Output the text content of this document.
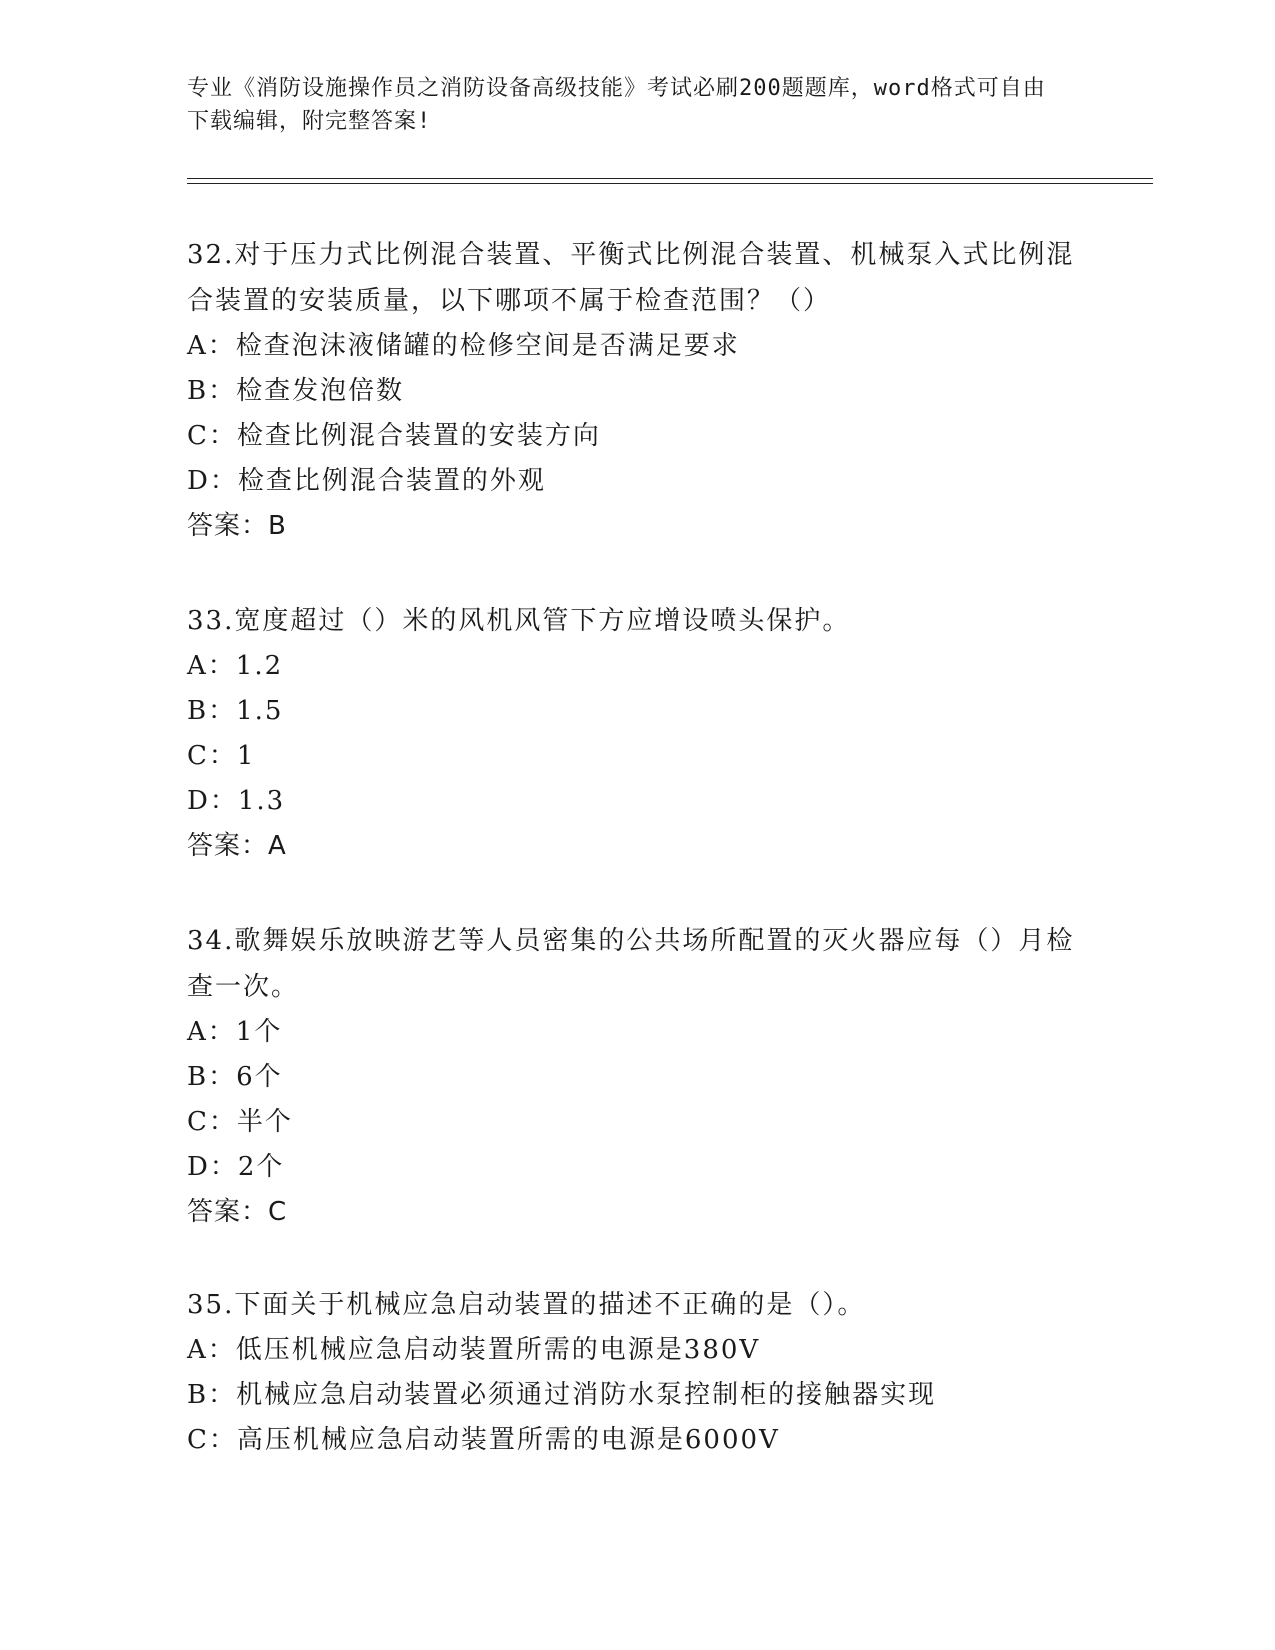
专业《消防设施操作员之消防设备高级技能》考试必刷200题题库，word格式可自由下载编辑，附完整答案!

32.对于压力式比例混合装置、平衡式比例混合装置、机械泵入式比例混合装置的安装质量，以下哪项不属于检查范围？（）

A：检查泡沫液储罐的检修空间是否满足要求

B：检查发泡倍数

C：检查比例混合装置的安装方向

D：检查比例混合装置的外观

答案：B

33.宽度超过（）米的风机风管下方应增设喷头保护。

A：1.2

B：1.5

C：1

D：1.3

答案：A

34.歌舞娱乐放映游艺等人员密集的公共场所配置的灭火器应每（）月检查一次。

A：1个

B：6个

C：半个

D：2个

答案：C

35.下面关于机械应急启动装置的描述不正确的是（）。

A：低压机械应急启动装置所需的电源是380V

B：机械应急启动装置必须通过消防水泵控制柜的接触器实现

C：高压机械应急启动装置所需的电源是6000V
